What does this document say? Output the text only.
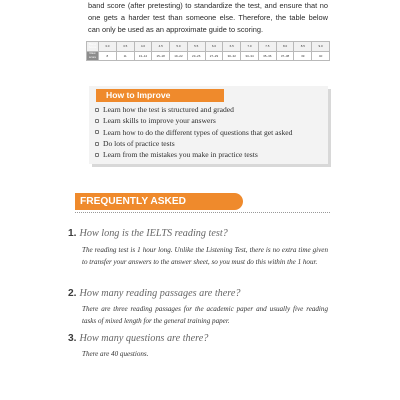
band score (after pretesting) to standardize the test, and ensure that no one gets a harder test than someone else. Therefore, the table below can only be used as an approximate guide to scoring.

Band Score	3.0	3.5	4.0	4.5	5.0	5.5	6.0	6.5	7.0	7.5	8.0	8.5	9.0
Raw score	8	11	13–14	15–18	19–22	23–26	27–29	30–32	33–34	35–36	37–38	39	40
How to Improve
Learn how the test is structured and graded
Learn skills to improve your answers
Learn how to do the different types of questions that get asked
Do lots of practice tests
Learn from the mistakes you make in practice tests
FREQUENTLY ASKED QUESTIONS
1. How long is the IELTS reading test?

The reading test is 1 hour long. Unlike the Listening Test, there is no extra time given to transfer your answers to the answer sheet, so you must do this within the 1 hour.

2. How many reading passages are there?

There are three reading passages for the academic paper and usually five reading tasks of mixed length for the general training paper.

3. How many questions are there?

There are 40 questions.
